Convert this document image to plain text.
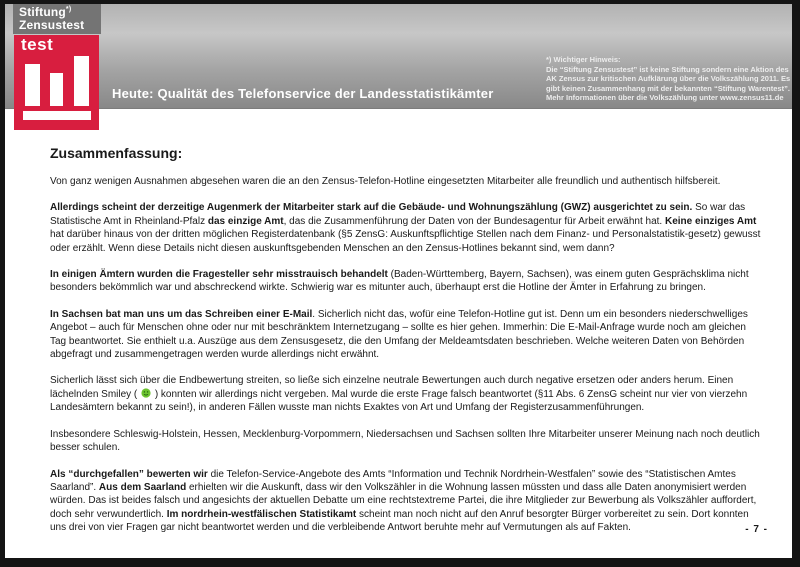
Heute: Qualität des Telefonservice der Landesstatistikämter
*) Wichtiger Hinweis:
Die “Stiftung Zensustest” ist keine Stiftung sondern eine Aktion des
AK Zensus zur kritischen Aufklärung über die Volkszählung 2011. Es
gibt keinen Zusammenhang mit der bekannten “Stiftung Warentest”.
Mehr Informationen über die Volkszählung unter www.zensus11.de
Stiftung*)
Zensustest
test
Zusammenfassung:

Von ganz wenigen Ausnahmen abgesehen waren die an den Zensus-Telefon-Hotline eingesetzten Mitarbeiter alle freundlich und authentisch hilfsbereit.

Allerdings scheint der derzeitige Augenmerk der Mitarbeiter stark auf die Gebäude- und Wohnungszählung (GWZ) ausgerichtet zu sein. So war das Statistische Amt in Rheinland-Pfalz das einzige Amt, das die Zusammenführung der Daten von der Bundesagentur für Arbeit erwähnt hat. Keine einziges Amt hat darüber hinaus von der dritten möglichen Registerdatenbank (§5 ZensG: Auskunftspflichtige Stellen nach dem Finanz- und Personalstatistik-gesetz) gewusst oder erzählt. Wenn diese Details nicht diesen auskunftsgebenden Menschen an den Zensus-Hotlines bekannt sind, wem dann?

In einigen Ämtern wurden die Fragesteller sehr misstrauisch behandelt (Baden-Württemberg, Bayern, Sachsen), was einem guten Gesprächsklima nicht besonders bekömmlich war und abschreckend wirkte. Schwierig war es mitunter auch, überhaupt erst die Hotline der Ämter in Erfahrung zu bringen.

In Sachsen bat man uns um das Schreiben einer E-Mail. Sicherlich nicht das, wofür eine Telefon-Hotline gut ist. Denn um ein besonders niederschwelliges Angebot – auch für Menschen ohne oder nur mit beschränktem Internetzugang – sollte es hier gehen. Immerhin: Die E-Mail-Anfrage wurde noch am gleichen Tag beantwortet. Sie enthielt u.a. Auszüge aus dem Zensusgesetz, die den Umfang der Meldeamtsdaten beschrieben. Welche weiteren Daten von Behörden abgefragt und zusammengetragen werden wurde allerdings nicht erwähnt.

Sicherlich lässt sich über die Endbewertung streiten, so ließe sich einzelne neutrale Bewertungen auch durch negative ersetzen oder anders herum. Einen lächelnden Smiley (  ) konnten wir allerdings nicht vergeben. Mal wurde die erste Frage falsch beantwortet (§11 Abs. 6 ZensG scheint nur vier von vierzehn Landesämtern bekannt zu sein!), in anderen Fällen wusste man nichts Exaktes von Art und Umfang der Registerzusammenführungen.

Insbesondere Schleswig-Holstein, Hessen, Mecklenburg-Vorpommern, Niedersachsen und Sachsen sollten Ihre Mitarbeiter unserer Meinung nach noch deutlich besser schulen.

Als “durchgefallen” bewerten wir die Telefon-Service-Angebote des Amts “Information und Technik Nordrhein-Westfalen” sowie des “Statistischen Amtes Saarland”. Aus dem Saarland erhielten wir die Auskunft, dass wir den Volkszähler in die Wohnung lassen müssten und dass alle Daten anonymisiert werden würden. Das ist beides falsch und angesichts der aktuellen Debatte um eine rechtstextreme Partei, die ihre Mitglieder zur Bewerbung als Volkszähler auffordert, doch sehr verwundertlich. Im nordrhein-westfälischen Statistikamt scheint man noch nicht auf den Anruf besorgter Bürger vorbereitet zu sein. Dort konnten uns drei von vier Fragen gar nicht beantwortet werden und die verbleibende Antwort beruhte mehr auf Vermutungen als auf Fakten.	- 7 -
